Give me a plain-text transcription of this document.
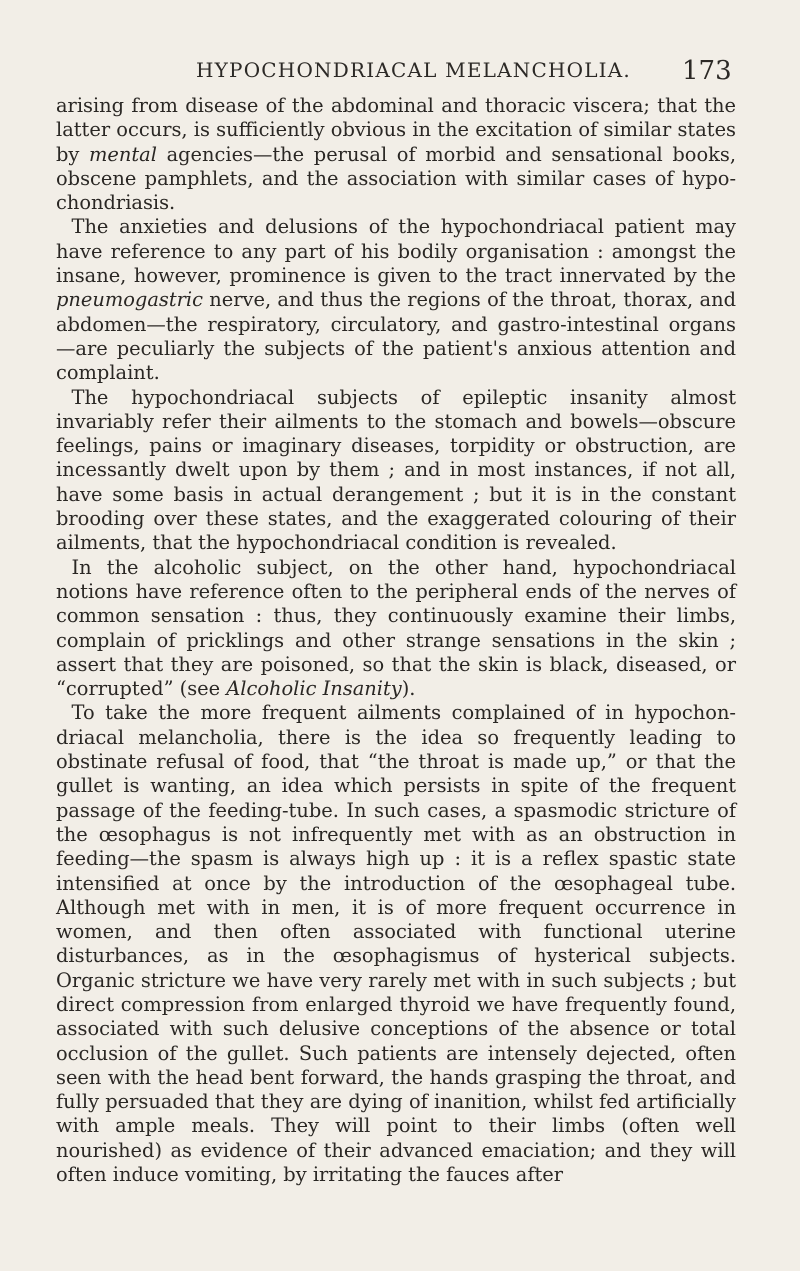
HYPOCHONDRIACAL MELANCHOLIA. 173

arising from disease of the abdominal and thoracic viscera; that the latter occurs, is sufficiently obvious in the excitation of similar states by mental agencies—the perusal of morbid and sensational books, obscene pamphlets, and the association with similar cases of hypo-chondriasis.

The anxieties and delusions of the hypochondriacal patient may have reference to any part of his bodily organisation : amongst the insane, however, prominence is given to the tract innervated by the pneumogastric nerve, and thus the regions of the throat, thorax, and abdomen—the respiratory, circulatory, and gastro-intestinal organs—are peculiarly the subjects of the patient's anxious attention and complaint.

The hypochondriacal subjects of epileptic insanity almost invariably refer their ailments to the stomach and bowels—obscure feelings, pains or imaginary diseases, torpidity or obstruction, are incessantly dwelt upon by them ; and in most instances, if not all, have some basis in actual derangement ; but it is in the constant brooding over these states, and the exaggerated colouring of their ailments, that the hypochondriacal condition is revealed.

In the alcoholic subject, on the other hand, hypochondriacal notions have reference often to the peripheral ends of the nerves of common sensation : thus, they continuously examine their limbs, complain of pricklings and other strange sensations in the skin ; assert that they are poisoned, so that the skin is black, diseased, or “corrupted” (see Alcoholic Insanity).

To take the more frequent ailments complained of in hypochon-driacal melancholia, there is the idea so frequently leading to obstinate refusal of food, that “the throat is made up,” or that the gullet is wanting, an idea which persists in spite of the frequent passage of the feeding-tube. In such cases, a spasmodic stricture of the œsophagus is not infrequently met with as an obstruction in feeding—the spasm is always high up : it is a reflex spastic state intensified at once by the introduction of the œsophageal tube. Although met with in men, it is of more frequent occurrence in women, and then often associated with functional uterine disturbances, as in the œsophagismus of hysterical subjects. Organic stricture we have very rarely met with in such subjects ; but direct compression from enlarged thyroid we have frequently found, associated with such delusive conceptions of the absence or total occlusion of the gullet. Such patients are intensely dejected, often seen with the head bent forward, the hands grasping the throat, and fully persuaded that they are dying of inanition, whilst fed artificially with ample meals. They will point to their limbs (often well nourished) as evidence of their advanced emaciation; and they will often induce vomiting, by irritating the fauces after
